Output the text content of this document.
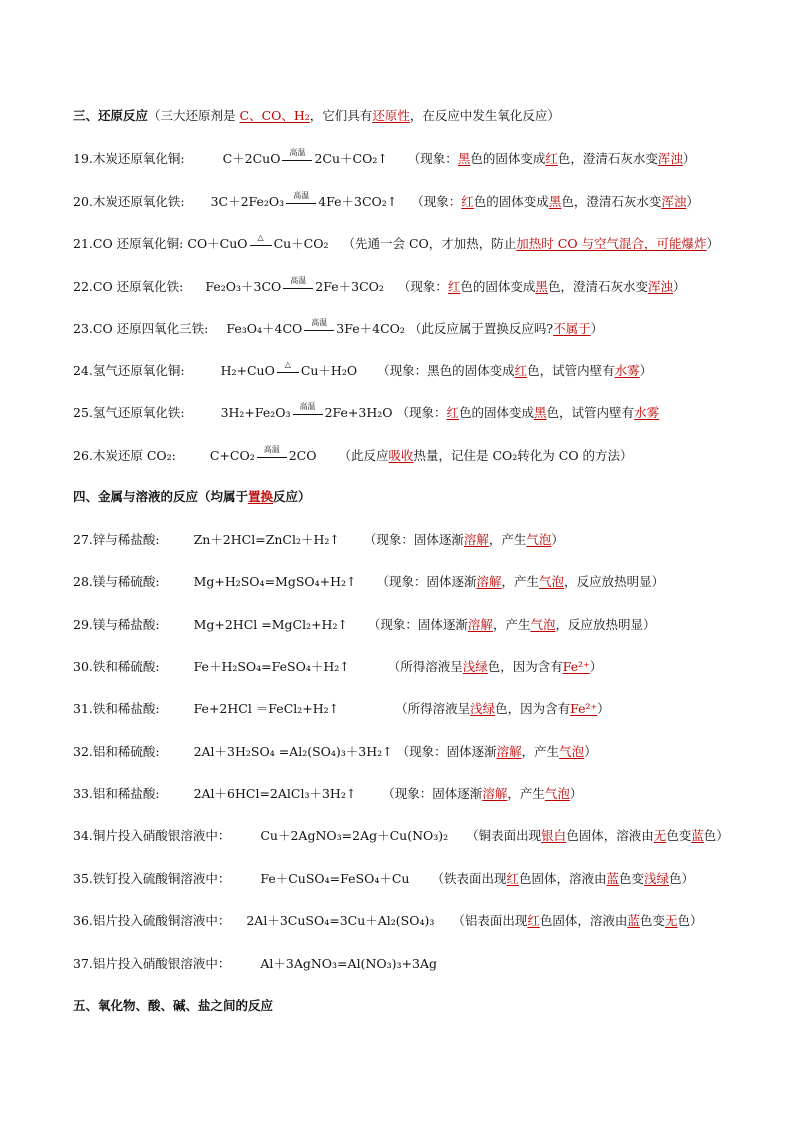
三、还原反应（三大还原剂是 C、CO、H₂，它们具有还原性，在反应中发生氧化反应）
19.木炭还原氧化铜:	C＋2CuO	高温 2Cu＋CO₂↑ （现象：黑色的固体变成红色，澄清石灰水变浑浊）
20.木炭还原氧化铁: 3C＋2Fe₂O₃	高温 4Fe＋3CO₂↑ （现象：红色的固体变成黑色，澄清石灰水变浑浊）
21.CO 还原氧化铜: CO＋CuO	△ Cu＋CO₂ （先通一会 CO，才加热，防止加热时 CO 与空气混合，可能爆炸）
22.CO 还原氧化铁: Fe₂O₃＋3CO	高温 2Fe＋3CO₂ （现象：红色的固体变成黑色，澄清石灰水变浑浊）
23.CO 还原四氧化三铁: Fe₃O₄＋4CO	高温 3Fe＋4CO₂ （此反应属于置换反应吗?不属于）
24.氢气还原氧化铜:	H₂+CuO	△ Cu＋H₂O （现象：黑色的固体变成红色，试管内壁有水雾）
25.氢气还原氧化铁:	3H₂+Fe₂O₃	高温 2Fe+3H₂O （现象：红色的固体变成黑色，试管内壁有水雾
26.木炭还原 CO₂:	C+CO₂	高温 2CO （此反应吸收热量，记住是 CO₂转化为 CO 的方法）
四、金属与溶液的反应（均属于置换反应）
27.锌与稀盐酸:	Zn＋2HCl=ZnCl₂＋H₂↑ （现象：固体逐渐溶解，产生气泡）
28.镁与稀硫酸:	Mg+H₂SO₄=MgSO₄+H₂↑ （现象：固体逐渐溶解，产生气泡，反应放热明显）
29.镁与稀盐酸:	Mg+2HCl =MgCl₂+H₂↑ （现象：固体逐渐溶解，产生气泡，反应放热明显）
30.铁和稀硫酸:	Fe＋H₂SO₄=FeSO₄＋H₂↑	（所得溶液呈浅绿色，因为含有Fe²⁺）
31.铁和稀盐酸:	Fe+2HCl ＝FeCl₂+H₂↑	（所得溶液呈浅绿色，因为含有Fe²⁺）
32.铝和稀硫酸:	2Al＋3H₂SO₄ =Al₂(SO₄)₃＋3H₂↑ （现象：固体逐渐溶解，产生气泡）
33.铝和稀盐酸:	2Al＋6HCl=2AlCl₃＋3H₂↑ （现象：固体逐渐溶解，产生气泡）
34.铜片投入硝酸银溶液中： Cu＋2AgNO₃=2Ag＋Cu(NO₃)₂ （铜表面出现银白色固体，溶液由无色变蓝色）
35.铁钉投入硫酸铜溶液中： Fe＋CuSO₄=FeSO₄＋Cu （铁表面出现红色固体，溶液由蓝色变浅绿色）
36.铝片投入硫酸铜溶液中： 2Al＋3CuSO₄=3Cu＋Al₂(SO₄)₃ （铝表面出现红色固体，溶液由蓝色变无色）
37.铝片投入硝酸银溶液中： Al＋3AgNO₃=Al(NO₃)₃+3Ag
五、氧化物、酸、碱、盐之间的反应
